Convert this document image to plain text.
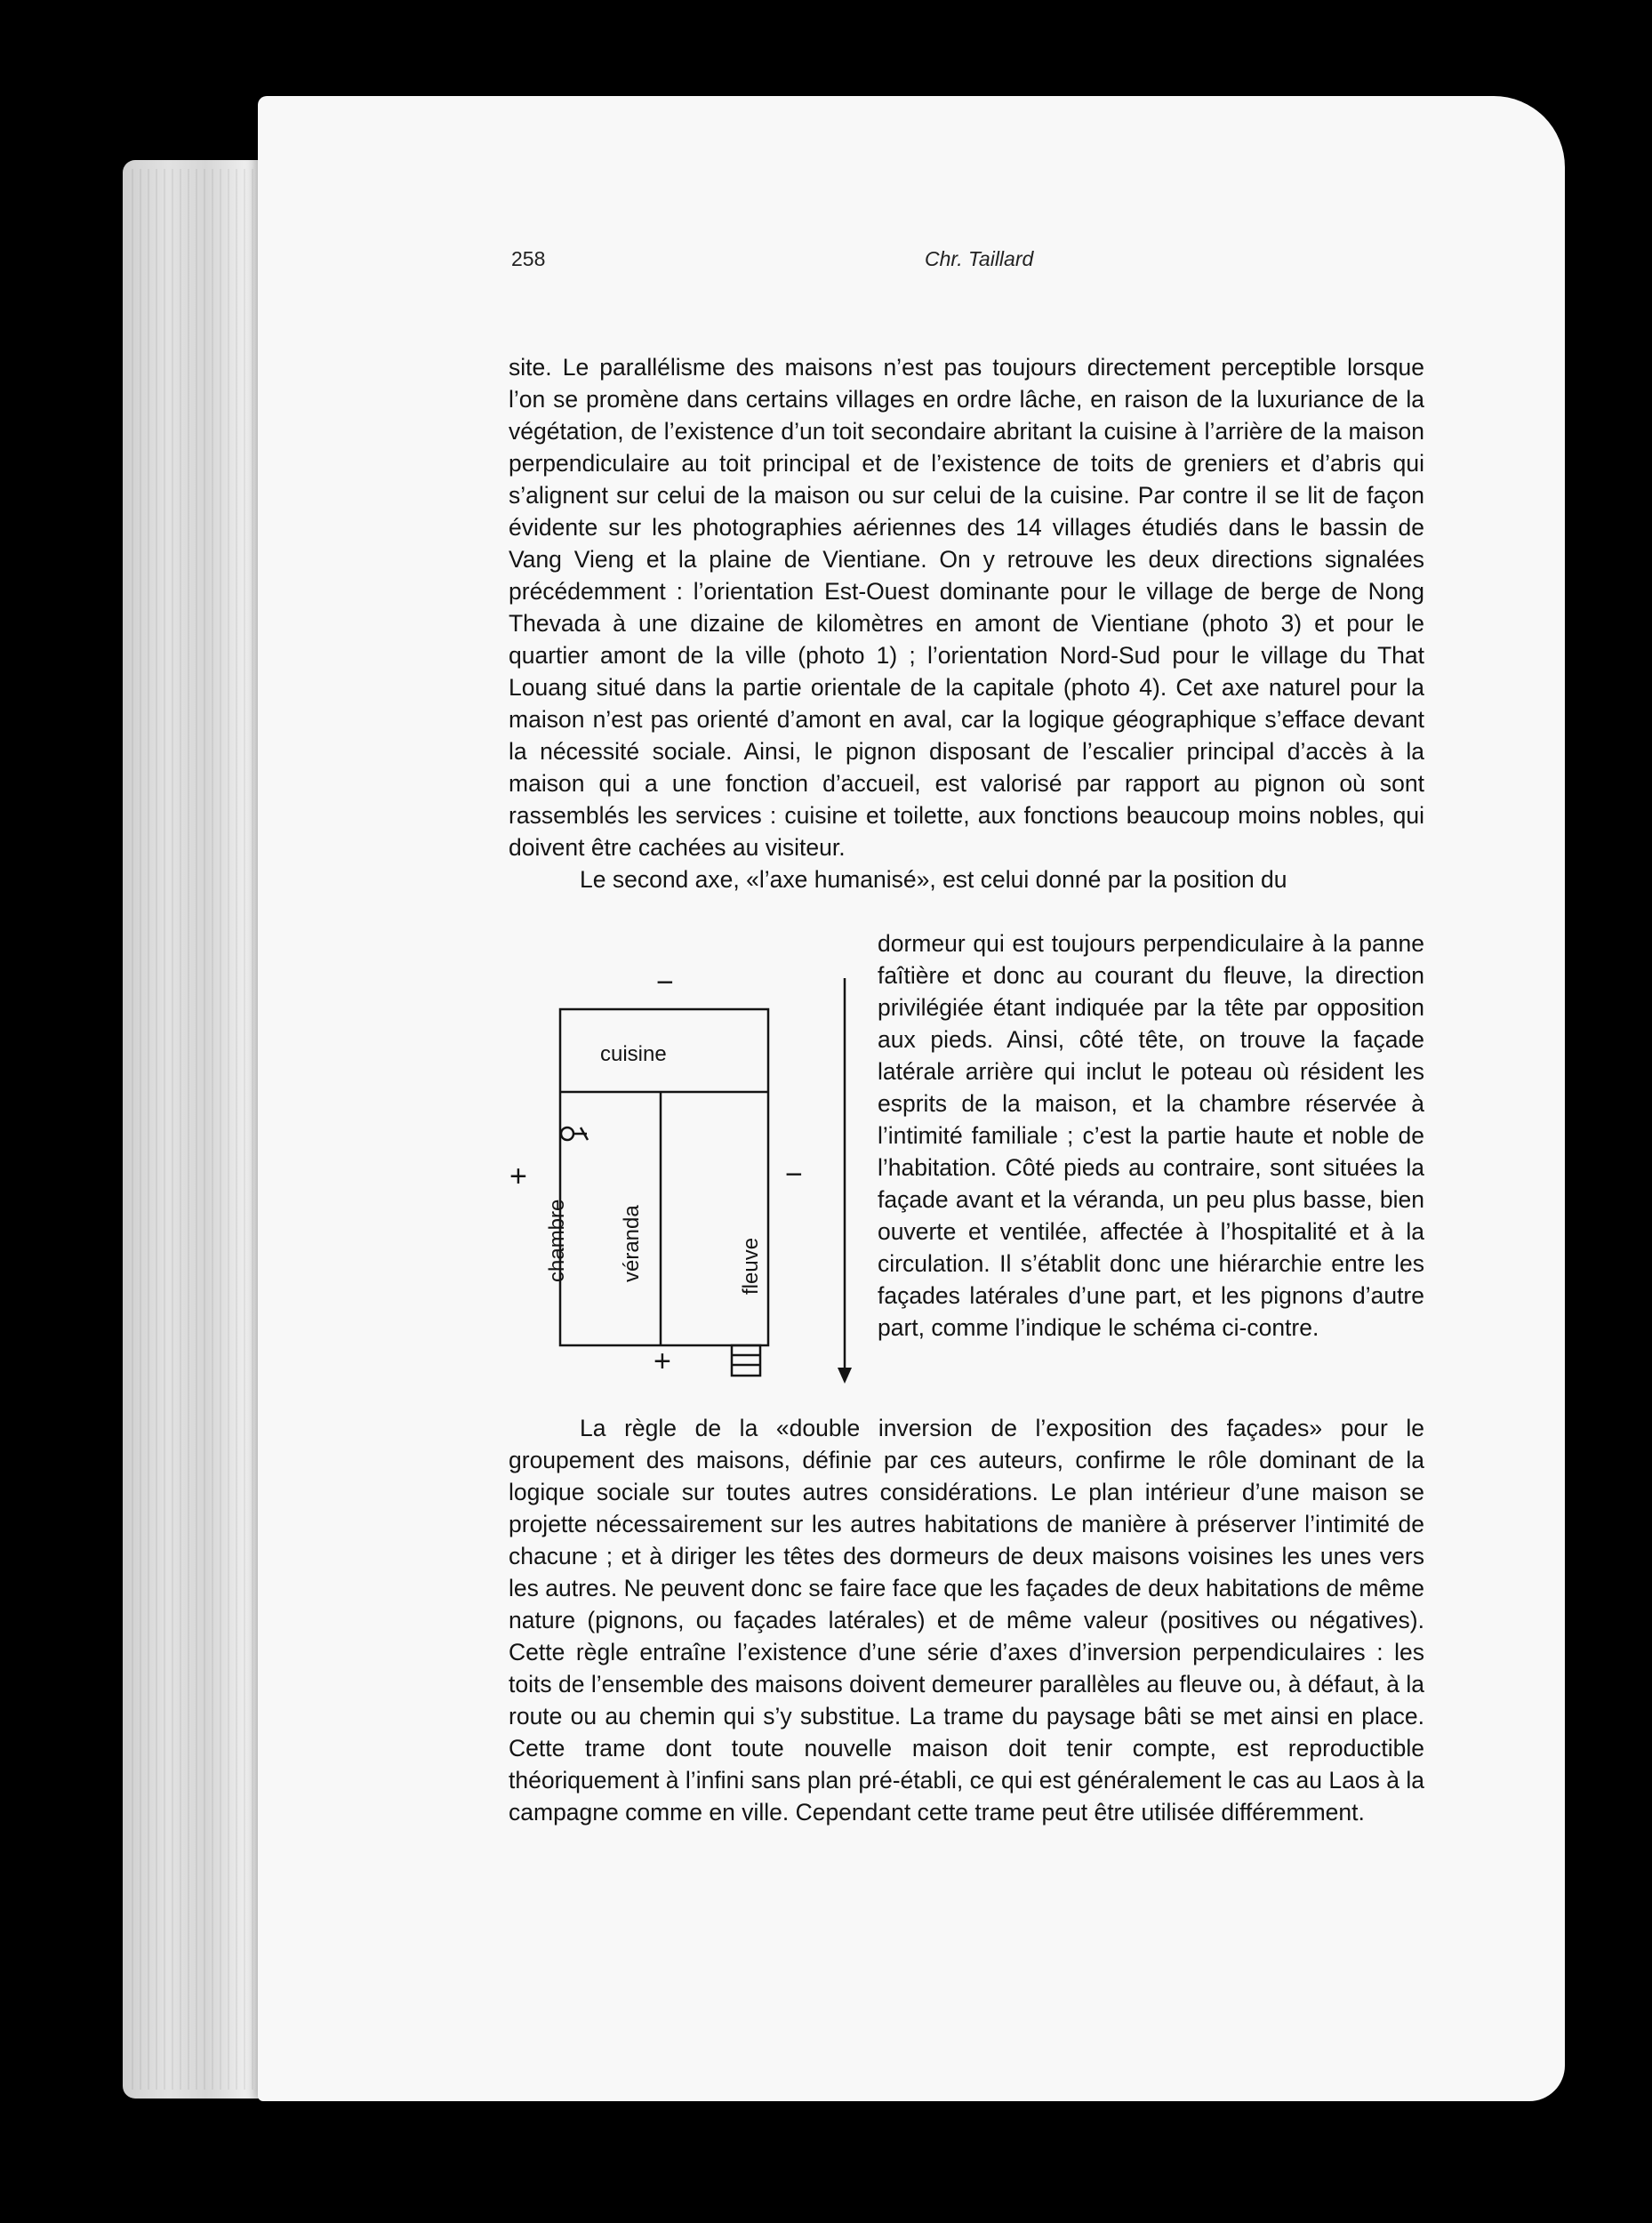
258	Chr. Taillard

site. Le parallélisme des maisons n’est pas toujours directement perceptible lorsque l’on se promène dans certains villages en ordre lâche, en raison de la luxuriance de la végétation, de l’existence d’un toit secondaire abritant la cuisine à l’arrière de la maison perpendiculaire au toit principal et de l’existence de toits de greniers et d’abris qui s’alignent sur celui de la maison ou sur celui de la cuisine. Par contre il se lit de façon évidente sur les photographies aériennes des 14 villages étudiés dans le bassin de Vang Vieng et la plaine de Vientiane. On y retrouve les deux directions signalées précédemment : l’orientation Est-Ouest dominante pour le village de berge de Nong Thevada à une dizaine de kilomètres en amont de Vientiane (photo 3) et pour le quartier amont de la ville (photo 1) ; l’orientation Nord-Sud pour le village du That Louang situé dans la partie orientale de la capitale (photo 4). Cet axe naturel pour la maison n’est pas orienté d’amont en aval, car la logique géographique s’efface devant la nécessité sociale. Ainsi, le pignon disposant de l’escalier principal d’accès à la maison qui a une fonction d’accueil, est valorisé par rapport au pignon où sont rassemblés les services : cuisine et toilette, aux fonctions beaucoup moins nobles, qui doivent être cachées au visiteur.

Le second axe, «l’axe humanisé», est celui donné par la position du

cuisine
chambre véranda	fleuve
−
+	−
+

dormeur qui est toujours perpendiculaire à la panne faîtière et donc au courant du fleuve, la direction privilégiée étant indiquée par la tête par opposition aux pieds. Ainsi, côté tête, on trouve la façade latérale arrière qui inclut le poteau où résident les esprits de la maison, et la chambre réservée à l’intimité familiale ; c’est la partie haute et noble de l’habitation. Côté pieds au contraire, sont situées la façade avant et la véranda, un peu plus basse, bien ouverte et ventilée, affectée à l’hospitalité et à la circulation. Il s’établit donc une hiérarchie entre les façades latérales d’une part, et les pignons d’autre part, comme l’indique le schéma ci-contre.

La règle de la «double inversion de l’exposition des façades» pour le groupement des maisons, définie par ces auteurs, confirme le rôle dominant de la logique sociale sur toutes autres considérations. Le plan intérieur d’une maison se projette nécessairement sur les autres habitations de manière à préserver l’intimité de chacune ; et à diriger les têtes des dormeurs de deux maisons voisines les unes vers les autres. Ne peuvent donc se faire face que les façades de deux habitations de même nature (pignons, ou façades latérales) et de même valeur (positives ou négatives). Cette règle entraîne l’existence d’une série d’axes d’inversion perpendiculaires : les toits de l’ensemble des maisons doivent demeurer parallèles au fleuve ou, à défaut, à la route ou au chemin qui s’y substitue. La trame du paysage bâti se met ainsi en place. Cette trame dont toute nouvelle maison doit tenir compte, est reproductible théoriquement à l’infini sans plan pré-établi, ce qui est généralement le cas au Laos à la campagne comme en ville. Cependant cette trame peut être utilisée différemment.
